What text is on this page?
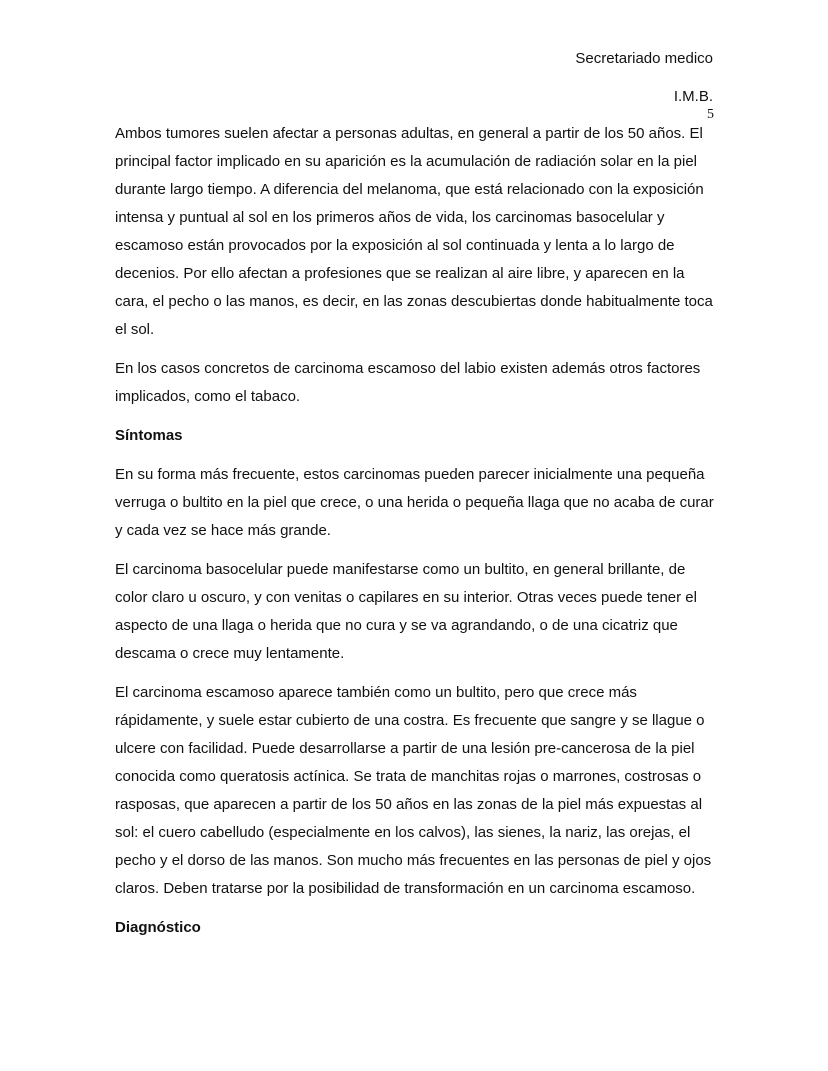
Secretariado medico
I.M.B.
5

Ambos tumores suelen afectar a personas adultas, en general a partir de los 50 años. El principal factor implicado en su aparición es la acumulación de radiación solar en la piel durante largo tiempo. A diferencia del melanoma, que está relacionado con la exposición intensa y puntual al sol en los primeros años de vida, los carcinomas basocelular y escamoso están provocados por la exposición al sol continuada y lenta a lo largo de decenios. Por ello afectan a profesiones que se realizan al aire libre, y aparecen en la cara, el pecho o las manos, es decir, en las zonas descubiertas donde habitualmente toca el sol.

En los casos concretos de carcinoma escamoso del labio existen además otros factores implicados, como el tabaco.

Síntomas

En su forma más frecuente, estos carcinomas pueden parecer inicialmente una pequeña verruga o bultito en la piel que crece, o una herida o pequeña llaga que no acaba de curar y cada vez se hace más grande.

El carcinoma basocelular puede manifestarse como un bultito, en general brillante, de color claro u oscuro, y con venitas o capilares en su interior. Otras veces puede tener el aspecto de una llaga o herida que no cura y se va agrandando, o de una cicatriz que descama o crece muy lentamente.

El carcinoma escamoso aparece también como un bultito, pero que crece más rápidamente, y suele estar cubierto de una costra. Es frecuente que sangre y se llague o ulcere con facilidad. Puede desarrollarse a partir de una lesión pre-cancerosa de la piel conocida como queratosis actínica. Se trata de manchitas rojas o marrones, costrosas o rasposas, que aparecen a partir de los 50 años en las zonas de la piel más expuestas al sol: el cuero cabelludo (especialmente en los calvos), las sienes, la nariz, las orejas, el pecho y el dorso de las manos. Son mucho más frecuentes en las personas de piel y ojos claros. Deben tratarse por la posibilidad de transformación en un carcinoma escamoso.

Diagnóstico
